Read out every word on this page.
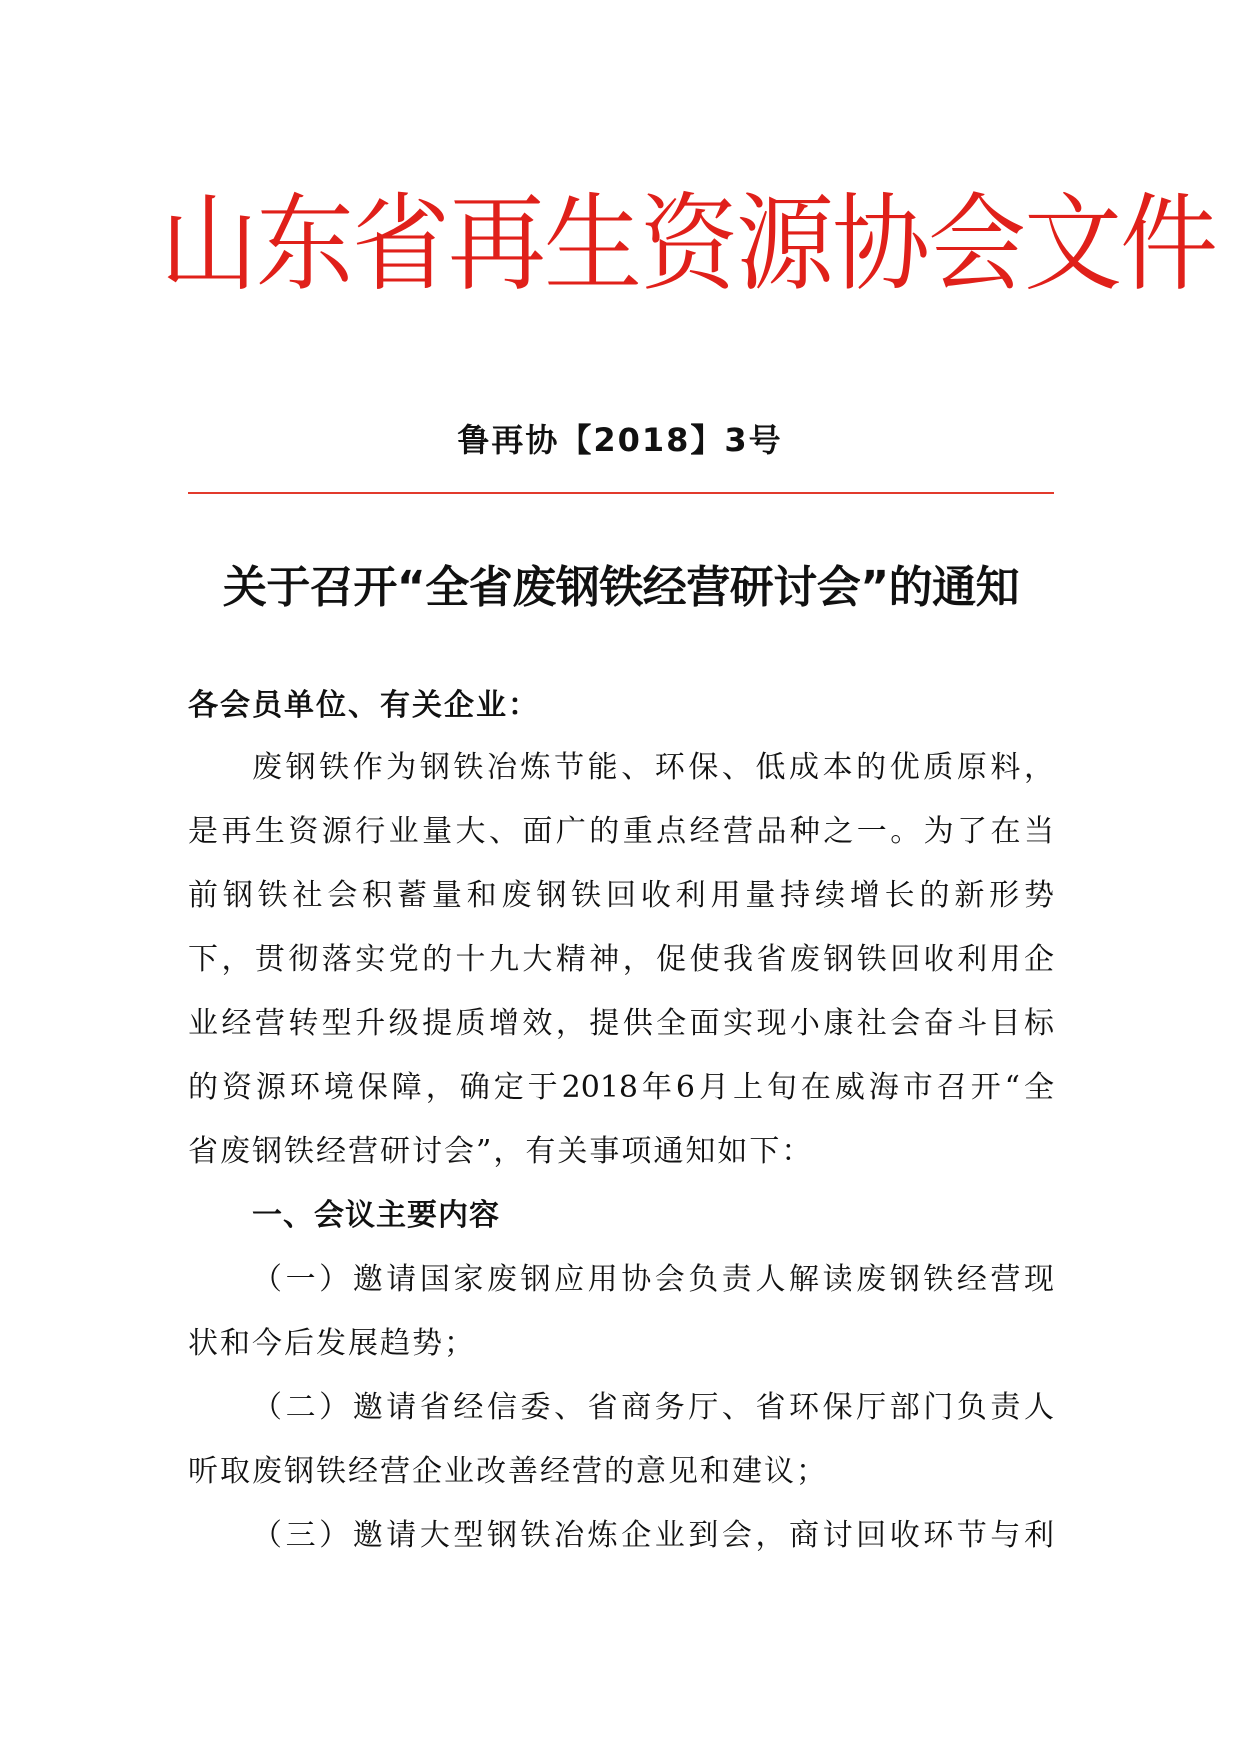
山东省再生资源协会文件
鲁再协【2018】3号
关于召开“全省废钢铁经营研讨会”的通知
各会员单位、有关企业：
废钢铁作为钢铁冶炼节能、环保、低成本的优质原料，
是再生资源行业量大、面广的重点经营品种之一。为了在当
前钢铁社会积蓄量和废钢铁回收利用量持续增长的新形势
下，贯彻落实党的十九大精神，促使我省废钢铁回收利用企
业经营转型升级提质增效，提供全面实现小康社会奋斗目标
的资源环境保障，确定于2018年6月上旬在威海市召开“全
省废钢铁经营研讨会”，有关事项通知如下：
一、会议主要内容
（一）邀请国家废钢应用协会负责人解读废钢铁经营现
状和今后发展趋势；
（二）邀请省经信委、省商务厅、省环保厅部门负责人
听取废钢铁经营企业改善经营的意见和建议；
（三）邀请大型钢铁冶炼企业到会，商讨回收环节与利
